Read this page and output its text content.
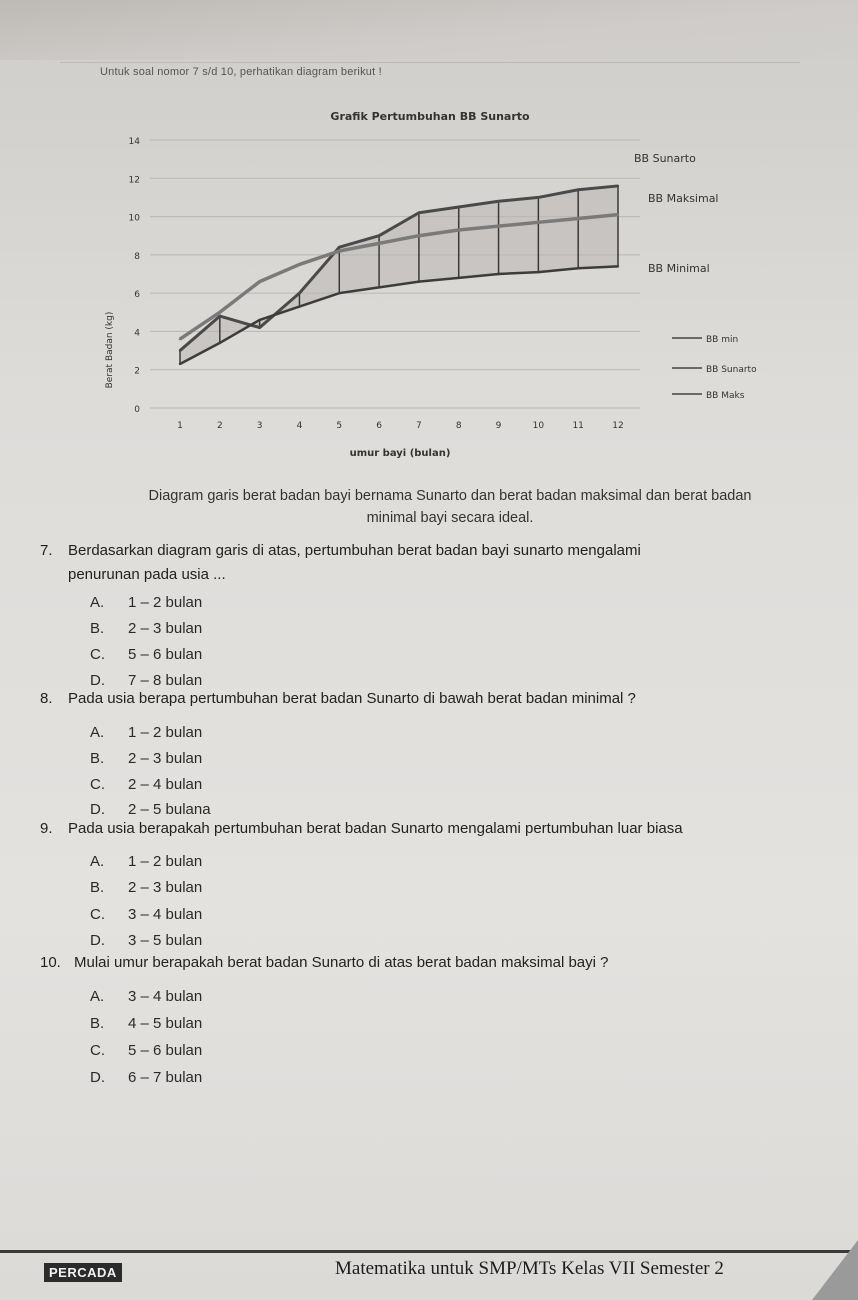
Untuk soal nomor 7 s/d 10, perhatikan diagram berikut !
Grafik Pertumbuhan BB Sunarto
0
2
4
6
8
10
12
14
Berat Badan (kg)
1	2	3	4	5	6	7	8	9	10	11	12
umur bayi (bulan)
BB Sunarto
BB Maksimal
BB Minimal
BB min
BB Sunarto
BB Maks
Diagram garis berat badan bayi bernama Sunarto dan berat badan maksimal dan berat badan
minimal bayi secara ideal.
7. Berdasarkan diagram garis di atas, pertumbuhan berat badan bayi sunarto mengalami
penurunan pada usia ...
A. 1 – 2 bulan
B. 2 – 3 bulan
C. 5 – 6 bulan
D. 7 – 8 bulan
8. Pada usia berapa pertumbuhan berat badan Sunarto di bawah berat badan minimal ?
A. 1 – 2 bulan
B. 2 – 3 bulan
C. 2 – 4 bulan
D. 2 – 5 bulana
9. Pada usia berapakah pertumbuhan berat badan Sunarto mengalami pertumbuhan luar biasa
A. 1 – 2 bulan
B. 2 – 3 bulan
C. 3 – 4 bulan
D. 3 – 5 bulan
10. Mulai umur berapakah berat badan Sunarto di atas berat badan maksimal bayi ?
A. 3 – 4 bulan
B. 4 – 5 bulan
C. 5 – 6 bulan
D. 6 – 7 bulan
PERCADA	Matematika untuk SMP/MTs Kelas VII Semester 2
